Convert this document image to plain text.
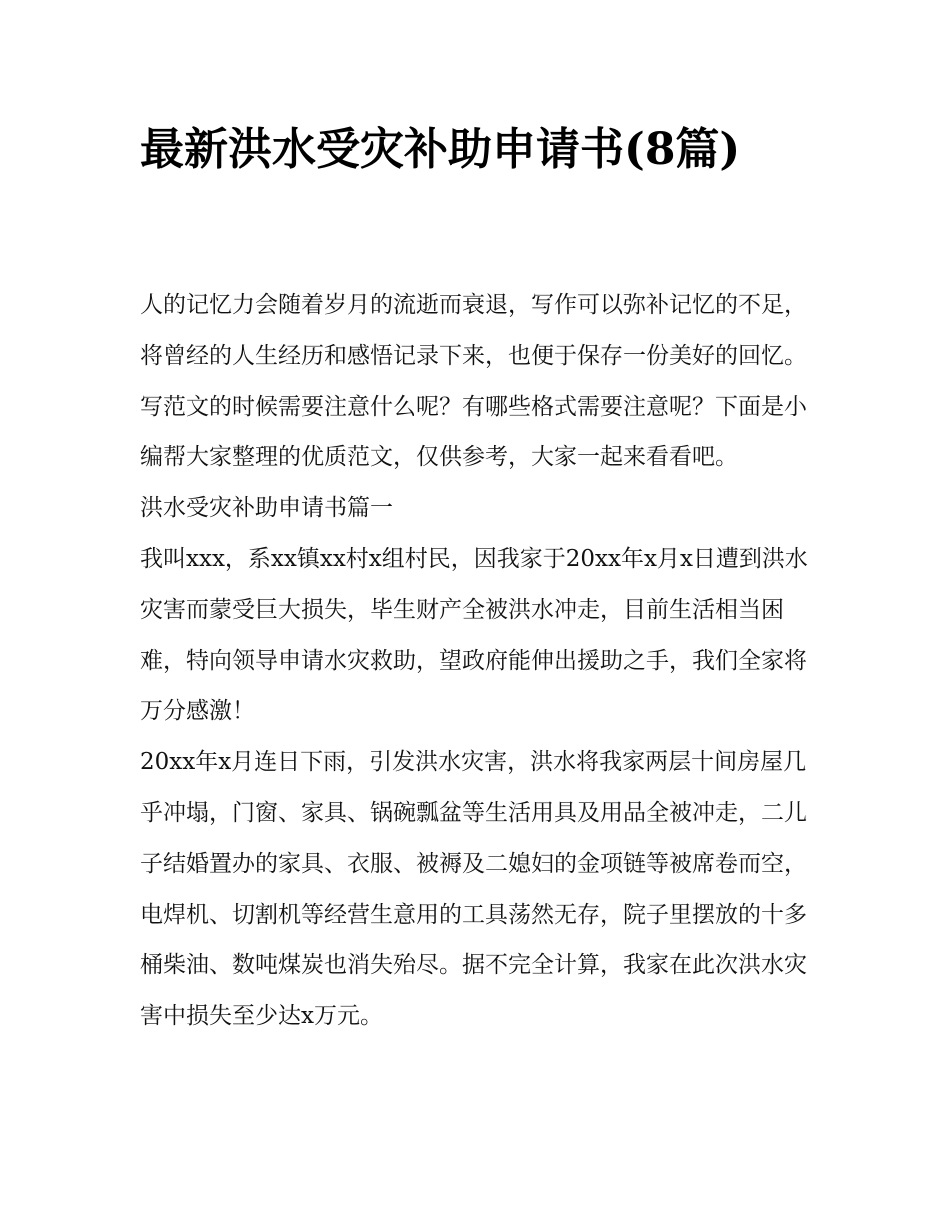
最新洪水受灾补助申请书(8篇)

人的记忆力会随着岁月的流逝而衰退，写作可以弥补记忆的不足，将曾经的人生经历和感悟记录下来，也便于保存一份美好的回忆。写范文的时候需要注意什么呢？有哪些格式需要注意呢？下面是小编帮大家整理的优质范文，仅供参考，大家一起来看看吧。

洪水受灾补助申请书篇一

我叫xxx，系xx镇xx村x组村民，因我家于20xx年x月x日遭到洪水灾害而蒙受巨大损失，毕生财产全被洪水冲走，目前生活相当困难，特向领导申请水灾救助，望政府能伸出援助之手，我们全家将万分感激！

20xx年x月连日下雨，引发洪水灾害，洪水将我家两层十间房屋几乎冲塌，门窗、家具、锅碗瓢盆等生活用具及用品全被冲走，二儿子结婚置办的家具、衣服、被褥及二媳妇的金项链等被席卷而空，电焊机、切割机等经营生意用的工具荡然无存，院子里摆放的十多桶柴油、数吨煤炭也消失殆尽。据不完全计算，我家在此次洪水灾害中损失至少达x万元。
